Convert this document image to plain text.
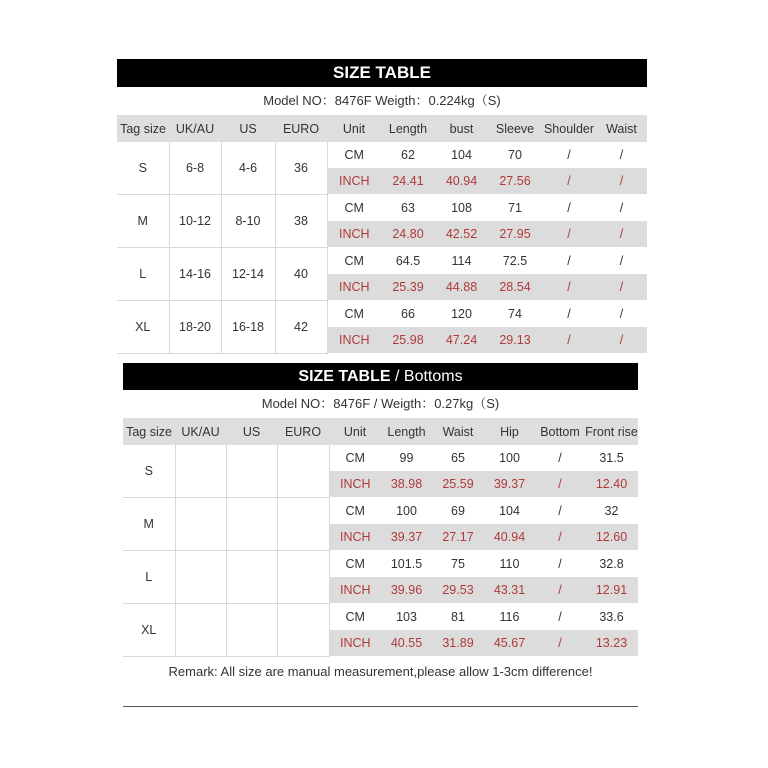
SIZE TABLE
Model NO：8476F Weigth：0.224kg（S)
Tag size	UK/AU	US	EURO	Unit	Length	bust	Sleeve	Shoulder	Waist
S	6-8	4-6	36	CM	62	104	70	/	/
				INCH	24.41	40.94	27.56	/	/
M	10-12	8-10	38	CM	63	108	71	/	/
				INCH	24.80	42.52	27.95	/	/
L	14-16	12-14	40	CM	64.5	114	72.5	/	/
				INCH	25.39	44.88	28.54	/	/
XL	18-20	16-18	42	CM	66	120	74	/	/
				INCH	25.98	47.24	29.13	/	/
SIZE TABLE / Bottoms
Model NO：8476F / Weigth：0.27kg（S)
Tag size	UK/AU	US	EURO	Unit	Length	Waist	Hip	Bottom	Front rise
S				CM	99	65	100	/	31.5
				INCH	38.98	25.59	39.37	/	12.40
M				CM	100	69	104	/	32
				INCH	39.37	27.17	40.94	/	12.60
L				CM	101.5	75	110	/	32.8
				INCH	39.96	29.53	43.31	/	12.91
XL				CM	103	81	116	/	33.6
				INCH	40.55	31.89	45.67	/	13.23
Remark: All size are manual measurement,please allow 1-3cm difference!
